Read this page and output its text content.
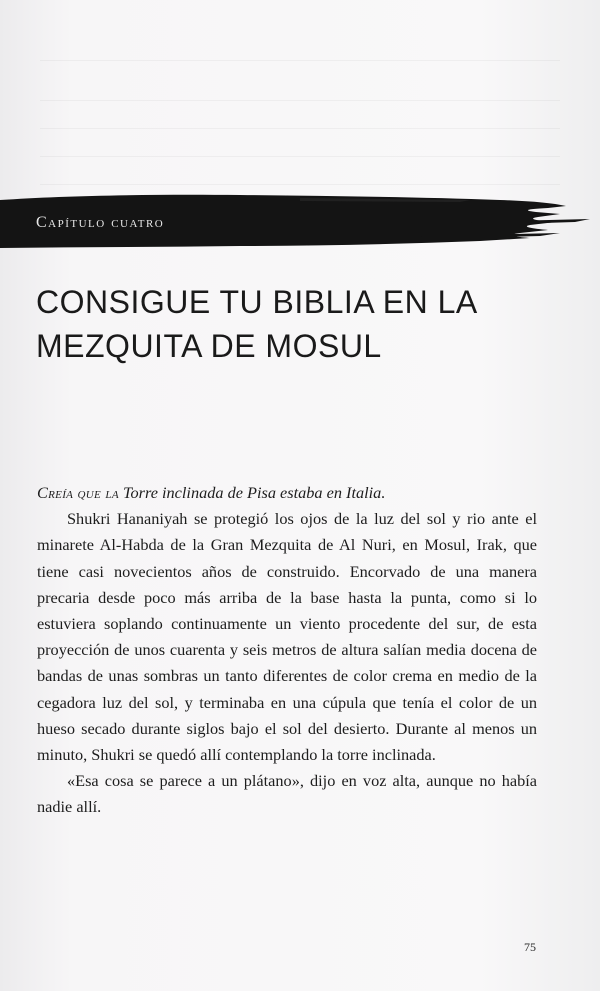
Capítulo cuatro
CONSIGUE TU BIBLIA EN LA MEZQUITA DE MOSUL

Creía que la Torre inclinada de Pisa estaba en Italia.

Shukri Hananiyah se protegió los ojos de la luz del sol y rio ante el minarete Al-Habda de la Gran Mezquita de Al Nuri, en Mosul, Irak, que tiene casi novecientos años de construido. Encorvado de una manera precaria desde poco más arriba de la base hasta la punta, como si lo estuviera soplando continuamente un viento procedente del sur, de esta proyección de unos cuarenta y seis metros de altura salían media docena de bandas de unas sombras un tanto diferentes de color crema en medio de la cegadora luz del sol, y terminaba en una cúpula que tenía el color de un hueso secado durante siglos bajo el sol del desierto. Durante al menos un minuto, Shukri se quedó allí contemplando la torre inclinada.

«Esa cosa se parece a un plátano», dijo en voz alta, aunque no había nadie allí.

75
